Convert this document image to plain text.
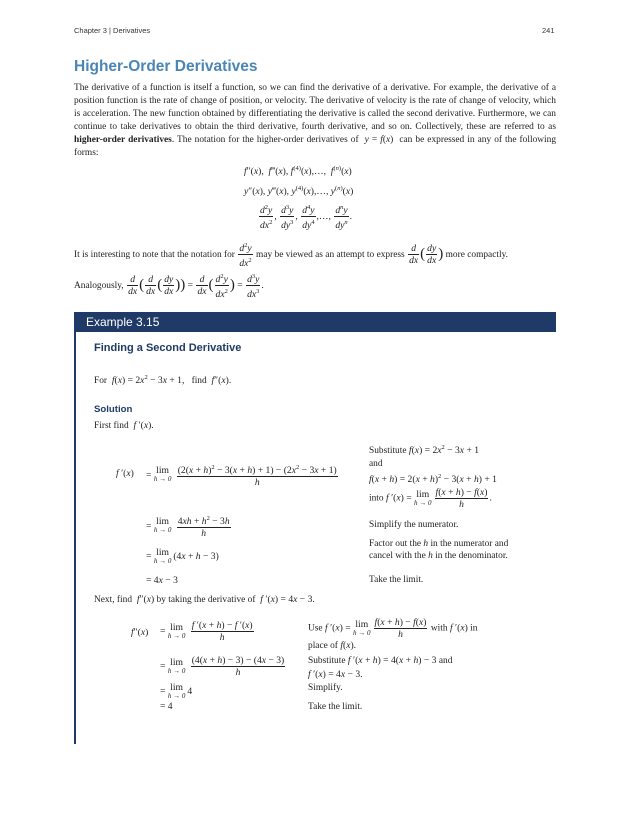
Chapter 3 | Derivatives	241
Higher-Order Derivatives

The derivative of a function is itself a function, so we can find the derivative of a derivative. For example, the derivative of a position function is the rate of change of position, or velocity. The derivative of velocity is the rate of change of velocity, which is acceleration. The new function obtained by differentiating the derivative is called the second derivative. Furthermore, we can continue to take derivatives to obtain the third derivative, fourth derivative, and so on. Collectively, these are referred to as higher-order derivatives. The notation for the higher-order derivatives of y = f(x)  can be expressed in any of the following forms:

f″(x),  f‴(x), $f^{(4)}(x),\dots$,  $f^{(n)}(x)$
y″(x), y‴(x), $y^{(4)}(x),\dots$, $y^{(n)}(x)$
$\frac{d^2y}{dx^2}$ , $\frac{d^3y}{dy^3}$ , $\frac{d^4y}{dy^4}$ ,…, $\frac{d^ny}{dy^n}$ .
It is interesting to note that the notation for $\frac{d^2y}{dx^2}$ may be viewed as an attempt to express $\frac{d}{dx}$ ( $\frac{dy}{dx}$ ) more compactly.
Analogously, $\frac{d}{dx}$ ( $\frac{d}{dx}$ ( $\frac{dy}{dx}$ )) = $\frac{d}{dx}$ ( $\frac{d^2y}{dx^2}$ ) = $\frac{d^3y}{dx^3}$ .
Example 3.15
Finding a Second Derivative
For $f(x) = 2x^2 - 3x + 1$,   find f″(x).
Solution
First find f ′(x).
f ′(x) = lim
h → 0
$\frac{(2(x + h)^2 - 3(x + h) + 1) - (2x^2 - 3x + 1)}{h}$
= lim
h → 0
$\frac{4xh + h^2 - 3h}{h}$
= lim
h → 0 (4x + h − 3)
= 4x − 3
Substitute $f(x) = 2x^2 - 3x + 1$
and
$f(x + h) = 2(x + h)^2 - 3(x + h) + 1$
into f ′(x) = lim
$h \to 0 \frac{f(x + h) - f(x)}{h}$ .
Simplify the numerator.
Factor out the h in the numerator and cancel with the h in the denominator.
Take the limit.
Next, find f″(x) by taking the derivative of f ′(x) = 4x − 3.
f″(x) = lim
h → 0
$\frac{f '(x + h) - f '(x)}{h}$
= lim
h → 0
$\frac{(4(x + h) - 3) - (4x - 3)}{h}$
= lim
h → 0 4
= 4
Use f ′(x) = lim
$h \to 0 \frac{f(x + h) - f(x)}{h}$ with f ′(x) in
place of f(x).
Substitute f ′(x + h) = 4(x + h) − 3 and
f ′(x) = 4x − 3.
Simplify.
Take the limit.
